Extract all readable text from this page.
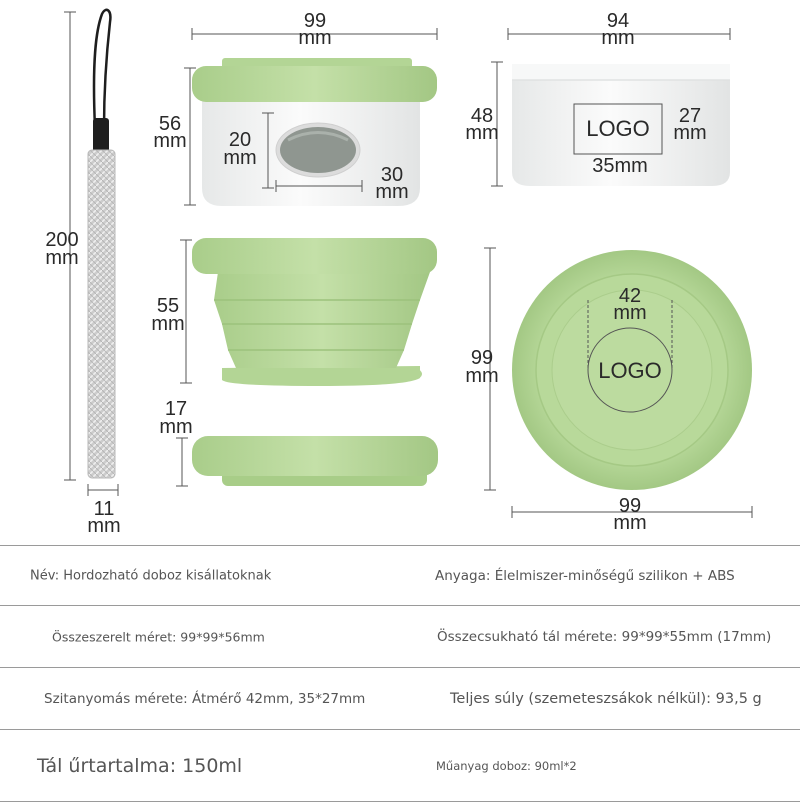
200
mm
11
mm
99
mm
56
mm 20
mm
30
mm
55
mm
17
mm
LOGO
94
mm
48
mm
27
mm
35mm
LOGO
42
mm
99
mm
99
mm
Név: Hordozható doboz kisállatoknak	Anyaga: Élelmiszer-minőségű szilikon + ABS
Összeszerelt méret: 99*99*56mm	Összecsukható tál mérete: 99*99*55mm (17mm)
Szitanyomás mérete: Átmérő 42mm, 35*27mm	Teljes súly (szemeteszsákok nélkül): 93,5 g
Tál űrtartalma: 150ml	Műanyag doboz: 90ml*2
